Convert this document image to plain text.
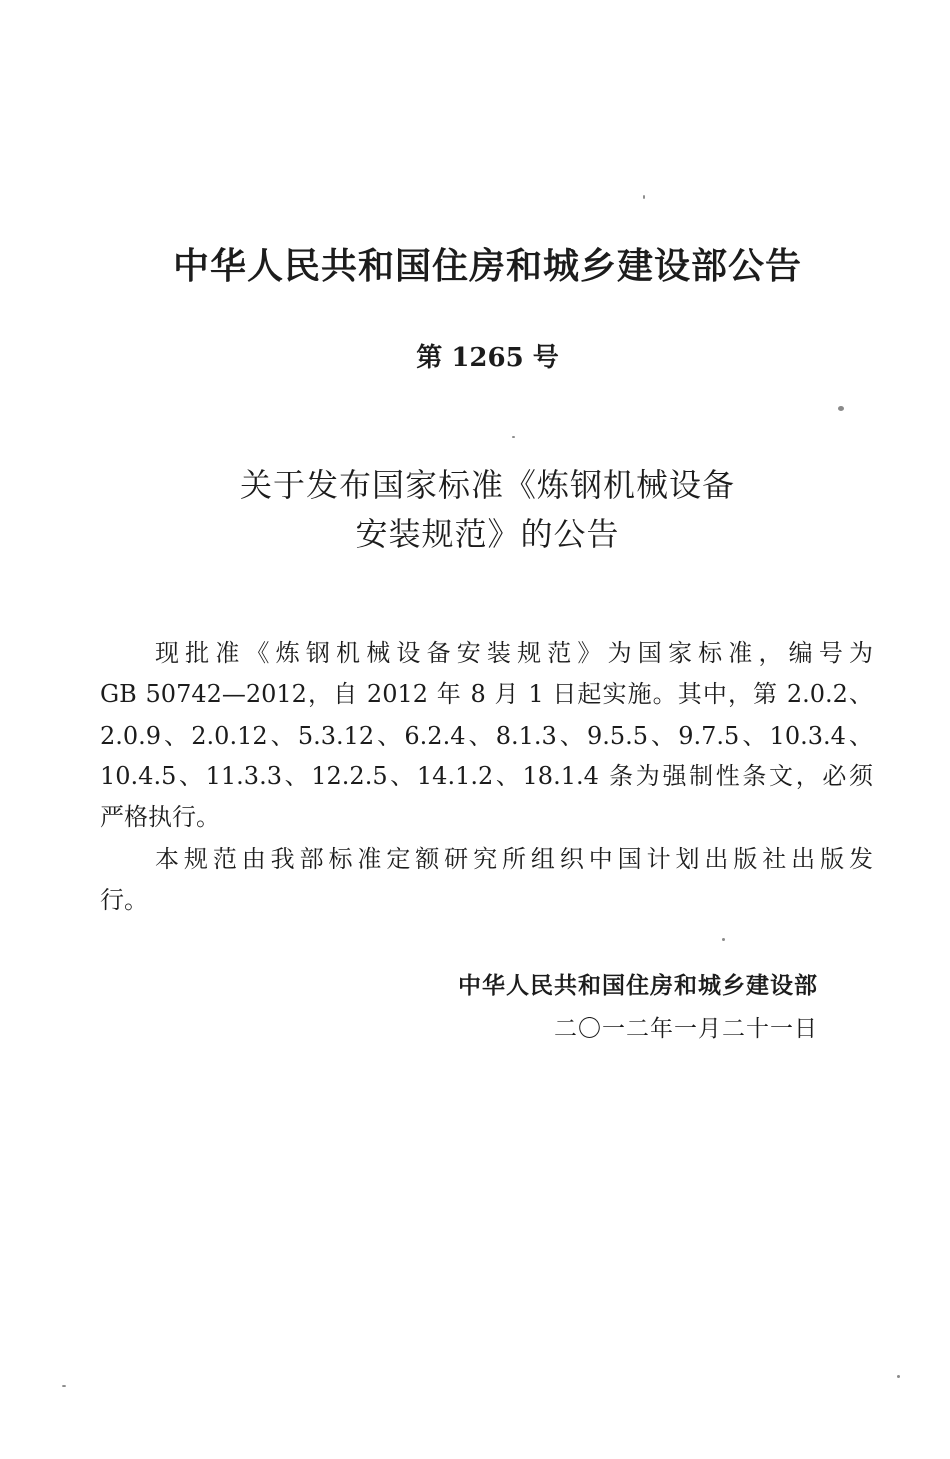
中华人民共和国住房和城乡建设部公告
第 1265 号
关于发布国家标准《炼钢机械设备
安装规范》的公告
现批准《炼钢机械设备安装规范》为国家标准，编号为
GB 50742—2012，自 2012 年 8 月 1 日起实施。其中，第 2.0.2、
2.0.9、2.0.12、5.3.12、6.2.4、8.1.3、9.5.5、9.7.5、10.3.4、
10.4.5、11.3.3、12.2.5、14.1.2、18.1.4 条为强制性条文，必须
严格执行。
本规范由我部标准定额研究所组织中国计划出版社出版发
行。
中华人民共和国住房和城乡建设部
二〇一二年一月二十一日
